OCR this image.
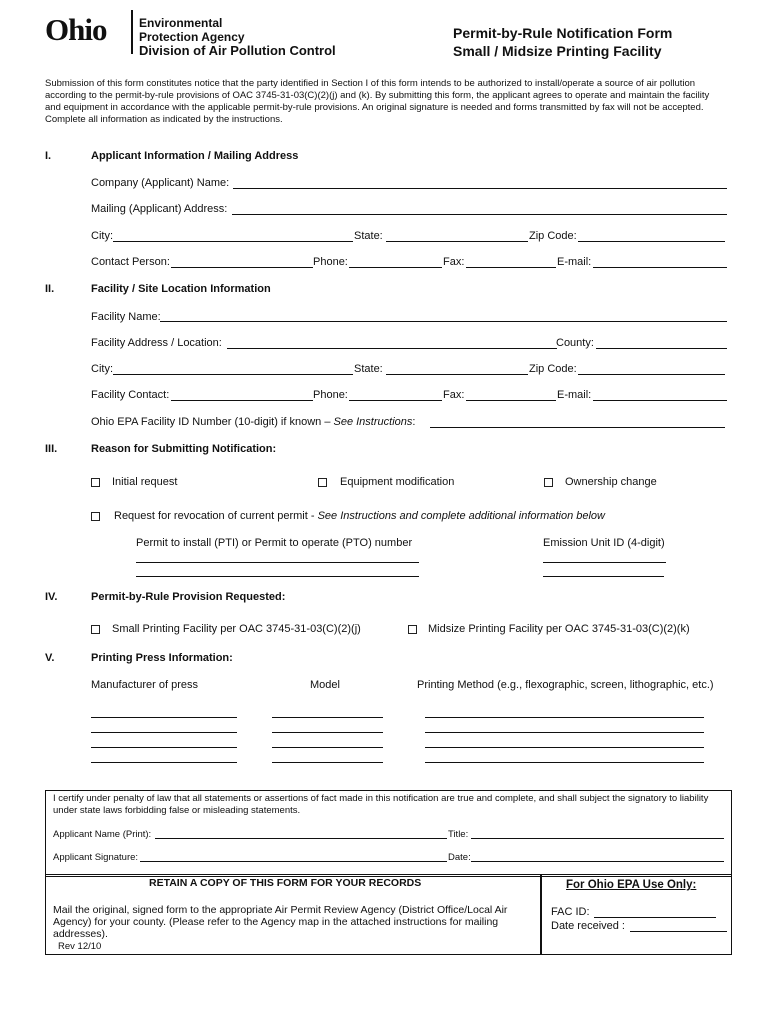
Ohio	Environmental
Protection Agency
Division of Air Pollution Control
Permit-by-Rule Notification Form
Small / Midsize Printing Facility
Submission of this form constitutes notice that the party identified in Section I of this form intends to be authorized to install/operate a source of air pollution according to the permit-by-rule provisions of OAC 3745-31-03(C)(2)(j) and (k). By submitting this form, the applicant agrees to operate and maintain the facility and equipment in accordance with the applicable permit-by-rule provisions. An original signature is needed and forms transmitted by fax will not be accepted. Complete all information as indicated by the instructions.
I.	Applicant Information / Mailing Address
Company (Applicant) Name:
Mailing (Applicant) Address:
City:	State:	Zip Code:
Contact Person:	Phone:	Fax:	E-mail:
II.	Facility / Site Location Information
Facility Name:
Facility Address / Location:	County:
City:	State:	Zip Code:
Facility Contact:	Phone:	Fax:	E-mail:
Ohio EPA Facility ID Number (10-digit) if known – See Instructions:
III.	Reason for Submitting Notification:
Initial request	Equipment modification	Ownership change
Request for revocation of current permit - See Instructions and complete additional information below
Permit to install (PTI) or Permit to operate (PTO) number	Emission Unit ID (4-digit)
IV.	Permit-by-Rule Provision Requested:
Small Printing Facility per OAC 3745-31-03(C)(2)(j)	Midsize Printing Facility per OAC 3745-31-03(C)(2)(k)
V.	Printing Press Information:
Manufacturer of press	Model	Printing Method (e.g., flexographic, screen, lithographic, etc.)
I certify under penalty of law that all statements or assertions of fact made in this notification are true and complete, and shall subject the signatory to liability under state laws forbidding false or misleading statements.
Applicant Name (Print):	Title:
Applicant Signature:	Date:
RETAIN A COPY OF THIS FORM FOR YOUR RECORDS
Mail the original, signed form to the appropriate Air Permit Review Agency (District Office/Local Air Agency) for your county. (Please refer to the Agency map in the attached instructions for mailing addresses).
Rev 12/10
For Ohio EPA Use Only:
FAC ID:
Date received :
